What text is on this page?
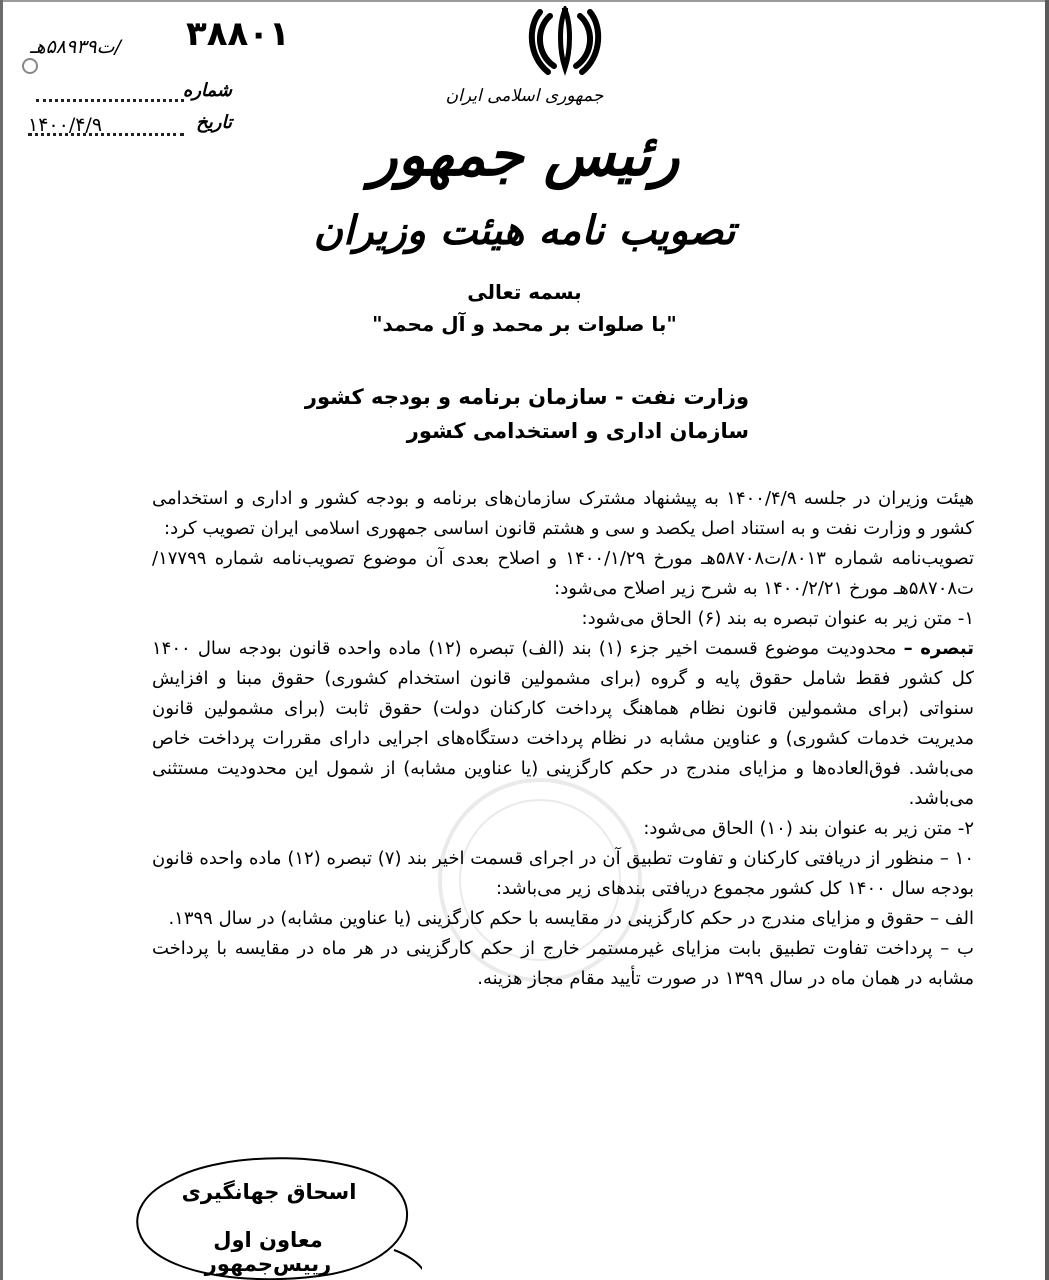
۳۸۸۰۱
/ت۵۸۹۳۹هـ
شماره
تاریخ
۱۴۰۰/۴/۹
جمهوری اسلامی ایران
رئیس جمهور
تصویب نامه هیئت وزیران
بسمه تعالی
"با صلوات بر محمد و آل محمد"
وزارت نفت - سازمان برنامه و بودجه کشور
سازمان اداری و استخدامی کشور

هیئت وزیران در جلسه ۱۴۰۰/۴/۹ به پیشنهاد مشترک سازمان‌های برنامه و بودجه کشور و اداری و استخدامی کشور و وزارت نفت و به استناد اصل یکصد و سی و هشتم قانون اساسی جمهوری اسلامی ایران تصویب کرد:

تصویب‌نامه شماره ۸۰۱۳/ت۵۸۷۰۸هـ مورخ ۱۴۰۰/۱/۲۹ و اصلاح بعدی آن موضوع تصویب‌نامه شماره ۱۷۷۹۹/ت۵۸۷۰۸هـ مورخ ۱۴۰۰/۲/۲۱ به شرح زیر اصلاح می‌شود:

۱- متن زیر به عنوان تبصره به بند (۶) الحاق می‌شود:

تبصره – محدودیت موضوع قسمت اخیر جزء (۱) بند (الف) تبصره (۱۲) ماده واحده قانون بودجه سال ۱۴۰۰ کل کشور فقط شامل حقوق پایه و گروه (برای مشمولین قانون استخدام کشوری) حقوق مبنا و افزایش سنواتی (برای مشمولین قانون نظام هماهنگ پرداخت کارکنان دولت) حقوق ثابت (برای مشمولین قانون مدیریت خدمات کشوری) و عناوین مشابه در نظام پرداخت دستگاه‌های اجرایی دارای مقررات پرداخت خاص می‌باشد. فوق‌العاده‌ها و مزایای مندرج در حکم کارگزینی (یا عناوین مشابه) از شمول این محدودیت مستثنی می‌باشد.

۲- متن زیر به عنوان بند (۱۰) الحاق می‌شود:

۱۰ – منظور از دریافتی کارکنان و تفاوت تطبیق آن در اجرای قسمت اخیر بند (۷) تبصره (۱۲) ماده واحده قانون بودجه سال ۱۴۰۰ کل کشور مجموع دریافتی بندهای زیر می‌باشد:

الف – حقوق و مزایای مندرج در حکم کارگزینی در مقایسه با حکم کارگزینی (یا عناوین مشابه) در سال ۱۳۹۹.

ب – پرداخت تفاوت تطبیق بابت مزایای غیرمستمر خارج از حکم کارگزینی در هر ماه در مقایسه با پرداخت مشابه در همان ماه در سال ۱۳۹۹ در صورت تأیید مقام مجاز هزینه.

اسحاق جهانگیری
معاون اول رییس‌جمهور
